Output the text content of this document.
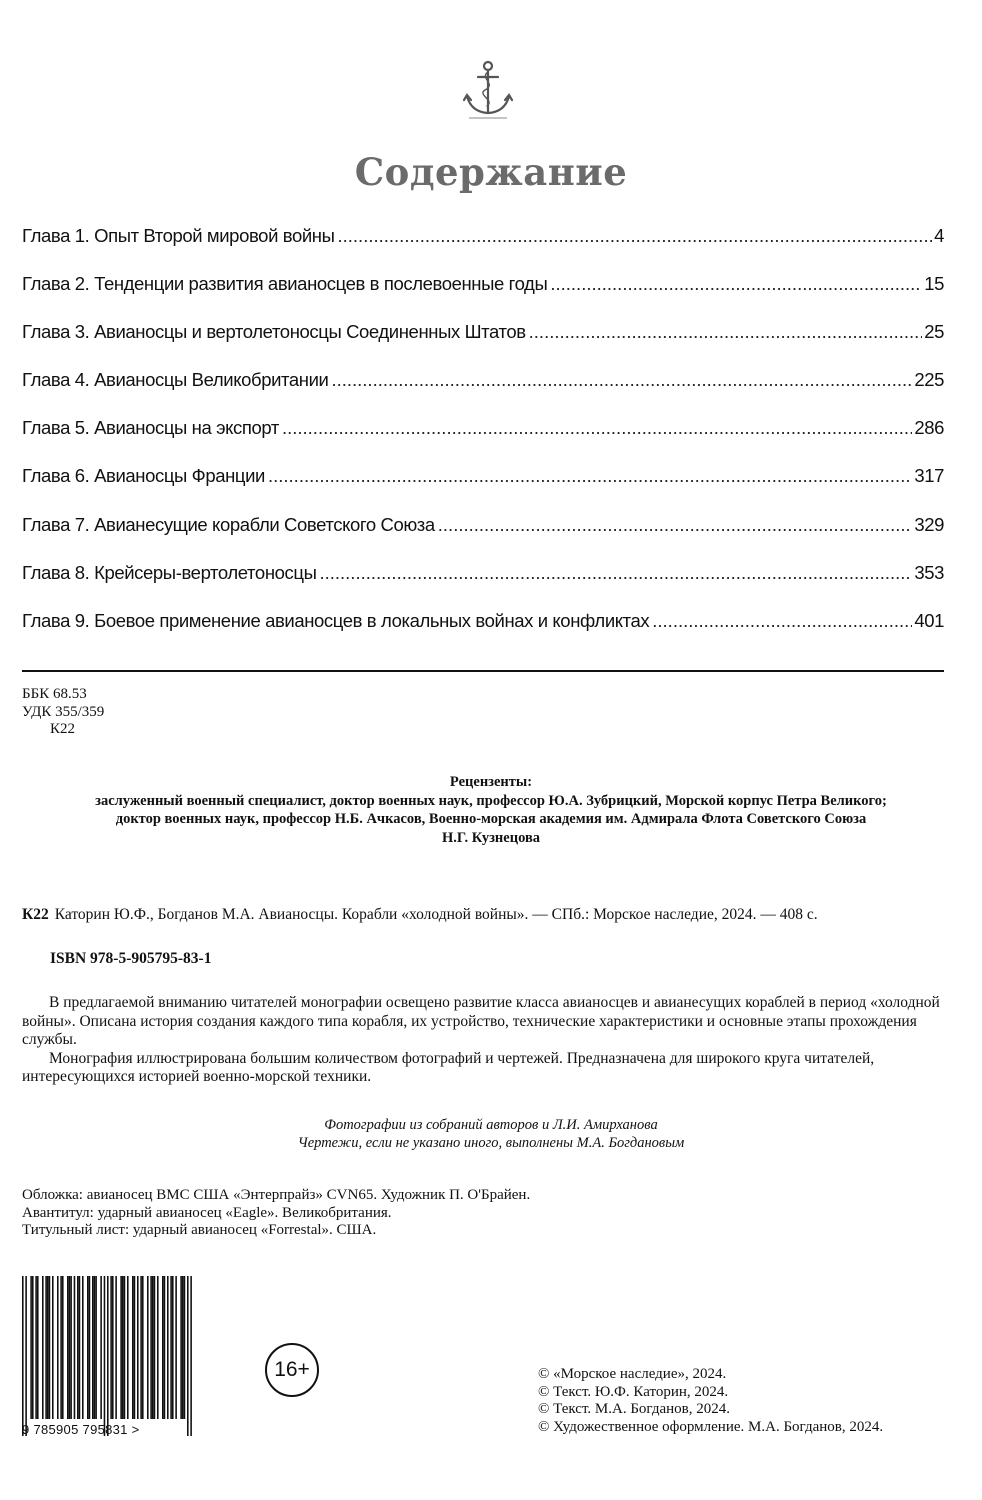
Содержание
Глава 1. Опыт Второй мировой войны .....	4
Глава 2. Тенденции развития авианосцев в послевоенные годы .....	15
Глава 3. Авианосцы и вертолетоносцы Соединенных Штатов .....	25
Глава 4. Авианосцы Великобритании .....	225
Глава 5. Авианосцы на экспорт .....	286
Глава 6. Авианосцы Франции .....	317
Глава 7. Авианесущие корабли Советского Союза .....	329
Глава 8. Крейсеры-вертолетоносцы .....	353
Глава 9. Боевое применение авианосцев в локальных войнах и конфликтах .....	401
ББК 68.53
УДК 355/359
К22
Рецензенты:
заслуженный военный специалист, доктор военных наук, профессор Ю.А. Зубрицкий, Морской корпус Петра Великого;
доктор военных наук, профессор Н.Б. Ачкасов, Военно-морская академия им. Адмирала Флота Советского Союза
Н.Г. Кузнецова
К22 Каторин Ю.Ф., Богданов М.А. Авианосцы. Корабли «холодной войны». — СПб.: Морское наследие, 2024. — 408 с.
ISBN 978-5-905795-83-1

В предлагаемой вниманию читателей монографии освещено развитие класса авианосцев и авианесущих кораблей в период «холодной войны». Описана история создания каждого типа корабля, их устройство, технические характеристики и основные этапы прохождения службы.

Монография иллюстрирована большим количеством фотографий и чертежей. Предназначена для широкого круга читателей, интересующихся историей военно-морской техники.

Фотографии из собраний авторов и Л.И. Амирханова
Чертежи, если не указано иного, выполнены М.А. Богдановым
Обложка: авианосец ВМС США «Энтерпрайз» CVN65. Художник П. О'Брайен.
Авантитул: ударный авианосец «Eagle». Великобритания.
Титульный лист: ударный авианосец «Forrestal». США.
9 785905 795831 >
16+	© «Морское наследие», 2024.
© Текст. Ю.Ф. Каторин, 2024.
© Текст. М.А. Богданов, 2024.
© Художественное оформление. М.А. Богданов, 2024.
